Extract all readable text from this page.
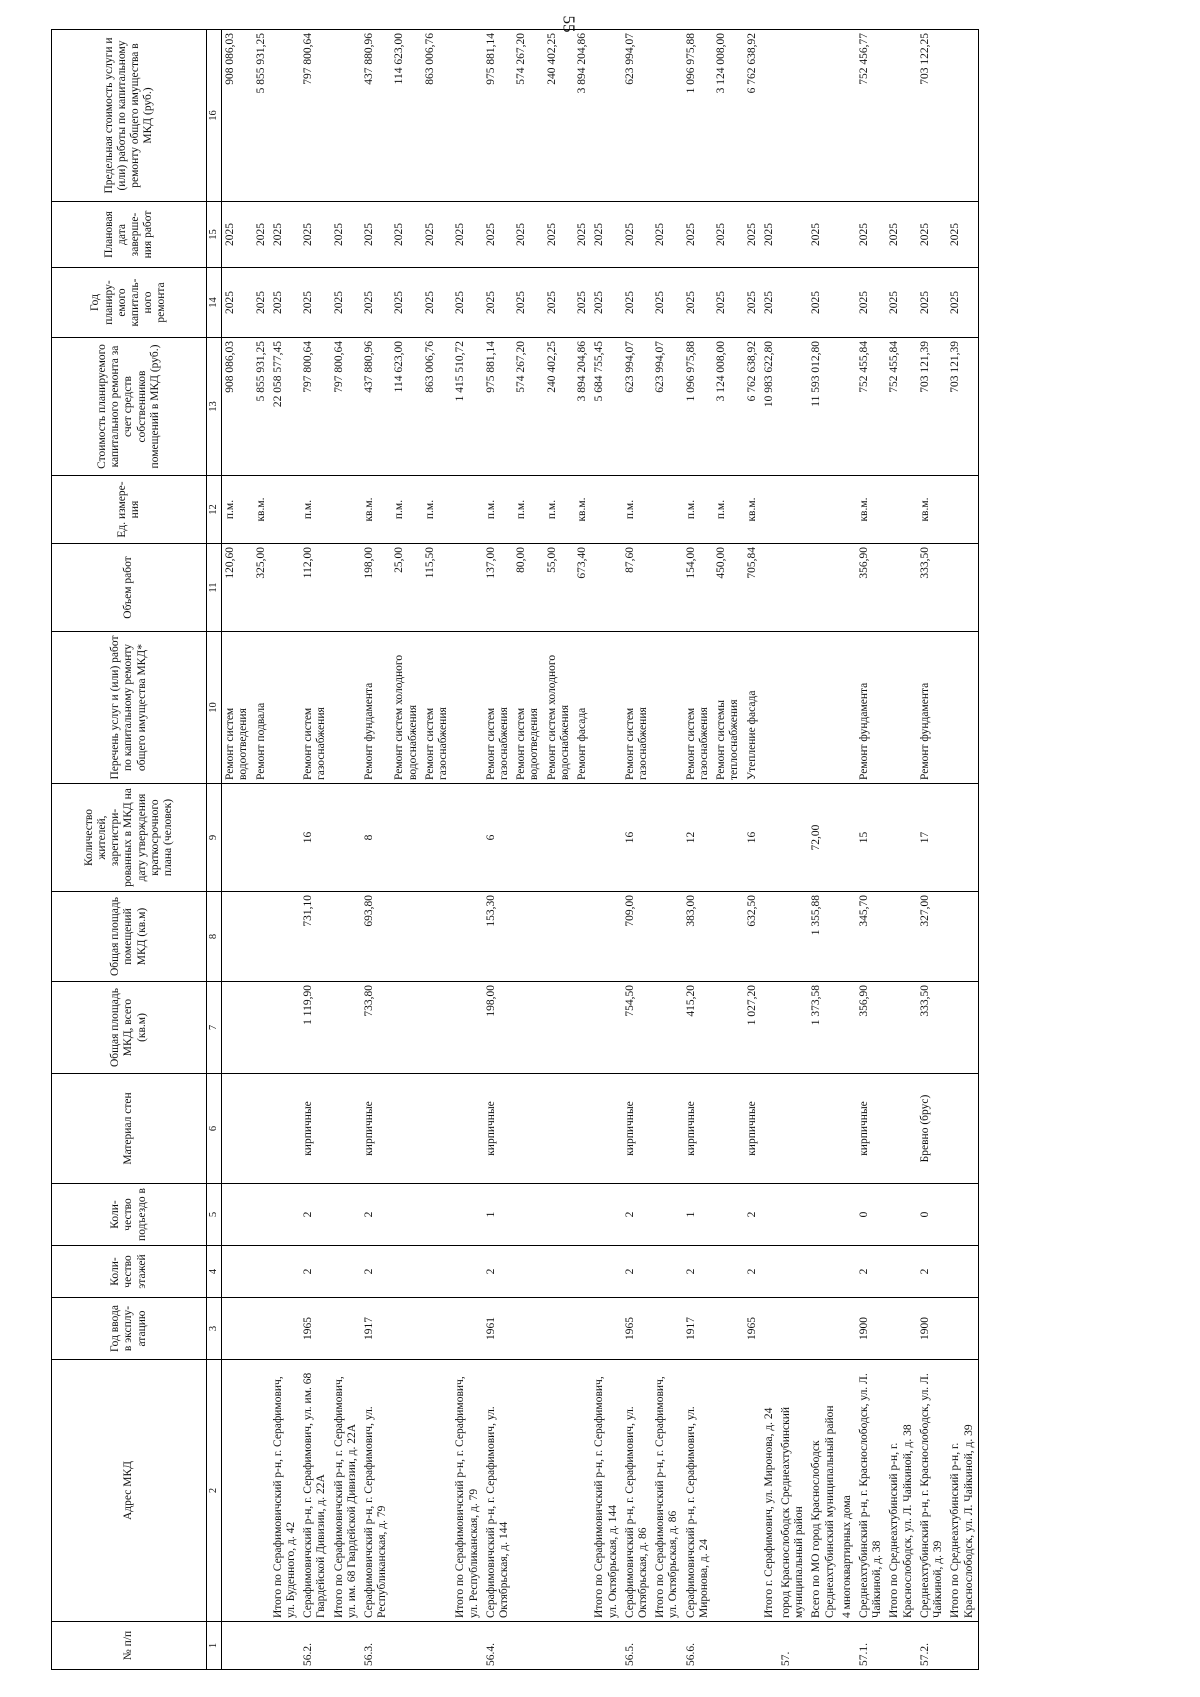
55
№ п/п	Адрес МКД	Год ввода в эксплу-атацию	Коли-чество этажей	Коли-чество подъездо в	Материал стен	Общая площадь МКД, всего (кв.м)	Общая площадь помещений МКД (кв.м)	Количество жителей, зарегистри-рованных в МКД на дату утверждения краткосрочного плана (человек)	Перечень услуг и (или) работ по капитальному ремонту общего имущества МКД*	Объем работ	Ед. измере-ния	Стоимость планируемого капитального ремонта за счет средств собственников помещений в МКД (руб.)	Год планиру-емого капиталь-ного ремонта	Плановая дата заверше-ния работ	Предельная стоимость услуги и (или) работы по капитальному ремонту общего имущества в МКД (руб.)
1	2	3	4	5	6	7	8	9	10	11	12	13	14	15	16
									Ремонт систем водоотведения	120,60	п.м.	908 086,03	2025	2025	908 086,03
									Ремонт подвала	325,00	кв.м.	5 855 931,25	2025	2025	5 855 931,25
	Итого по Серафимовичский р-н, г. Серафимович, ул. Буденного, д. 42											22 058 577,45	2025	2025	
56.2.	Серафимовичский р-н, г. Серафимович, ул. им. 68 Гвардейской Дивизии, д. 22А	1965	2	2	кирпичные	1 119,90	731,10	16	Ремонт систем газоснабжения	112,00	п.м.	797 800,64	2025	2025	797 800,64
	Итого по Серафимовичский р-н, г. Серафимович, ул. им. 68 Гвардейской Дивизии, д. 22А											797 800,64	2025	2025	
56.3.	Серафимовичский р-н, г. Серафимович, ул. Республиканская, д. 79	1917	2	2	кирпичные	733,80	693,80	8	Ремонт фундамента	198,00	кв.м.	437 880,96	2025	2025	437 880,96
									Ремонт систем холодного водоснабжения	25,00	п.м.	114 623,00	2025	2025	114 623,00
									Ремонт систем газоснабжения	115,50	п.м.	863 006,76	2025	2025	863 006,76
	Итого по Серафимовичский р-н, г. Серафимович, ул. Республиканская, д. 79											1 415 510,72	2025	2025	
56.4.	Серафимовичский р-н, г. Серафимович, ул. Октябрьская, д. 144	1961	2	1	кирпичные	198,00	153,30	6	Ремонт систем газоснабжения	137,00	п.м.	975 881,14	2025	2025	975 881,14
									Ремонт систем водоотведения	80,00	п.м.	574 267,20	2025	2025	574 267,20
									Ремонт систем холодного водоснабжения	55,00	п.м.	240 402,25	2025	2025	240 402,25
									Ремонт фасада	673,40	кв.м.	3 894 204,86	2025	2025	3 894 204,86
	Итого по Серафимовичский р-н, г. Серафимович, ул. Октябрьская, д. 144											5 684 755,45	2025	2025	
56.5.	Серафимовичский р-н, г. Серафимович, ул. Октябрьская, д. 86	1965	2	2	кирпичные	754,50	709,00	16	Ремонт систем газоснабжения	87,60	п.м.	623 994,07	2025	2025	623 994,07
	Итого по Серафимовичский р-н, г. Серафимович, ул. Октябрьская, д. 86											623 994,07	2025	2025	
56.6.	Серафимовичский р-н, г. Серафимович, ул. Миронова, д. 24	1917	2	1	кирпичные	415,20	383,00	12	Ремонт систем газоснабжения	154,00	п.м.	1 096 975,88	2025	2025	1 096 975,88
									Ремонт системы теплоснабжения	450,00	п.м.	3 124 008,00	2025	2025	3 124 008,00
		1965	2	2	кирпичные	1 027,20	632,50	16	Утепление фасада	705,84	кв.м.	6 762 638,92	2025	2025	6 762 638,92
	Итого г. Серафимович, ул. Миронова, д. 24											10 983 622,80	2025	2025	
57.	город Краснослободск Среднеахтубинский муниципальный район														
	Всего по МО город Краснослободск Среднеахтубинский муниципальный район					1 373,58	1 355,88	72,00				11 593 012,80	2025	2025	
	4 многоквартирных дома														
57.1.	Среднеахтубинский р-н, г. Краснослободск, ул. Л. Чайкиной, д. 38	1900	2	0	кирпичные	356,90	345,70	15	Ремонт фундамента	356,90	кв.м.	752 455,84	2025	2025	752 456,77
	Итого по Среднеахтубинский р-н, г. Краснослободск, ул. Л. Чайкиной, д. 38											752 455,84	2025	2025	
57.2.	Среднеахтубинский р-н, г. Краснослободск, ул. Л. Чайкиной, д. 39	1900	2	0	Бревно (брус)	333,50	327,00	17	Ремонт фундамента	333,50	кв.м.	703 121,39	2025	2025	703 122,25
	Итого по Среднеахтубинский р-н, г. Краснослободск, ул. Л. Чайкиной, д. 39											703 121,39	2025	2025	
